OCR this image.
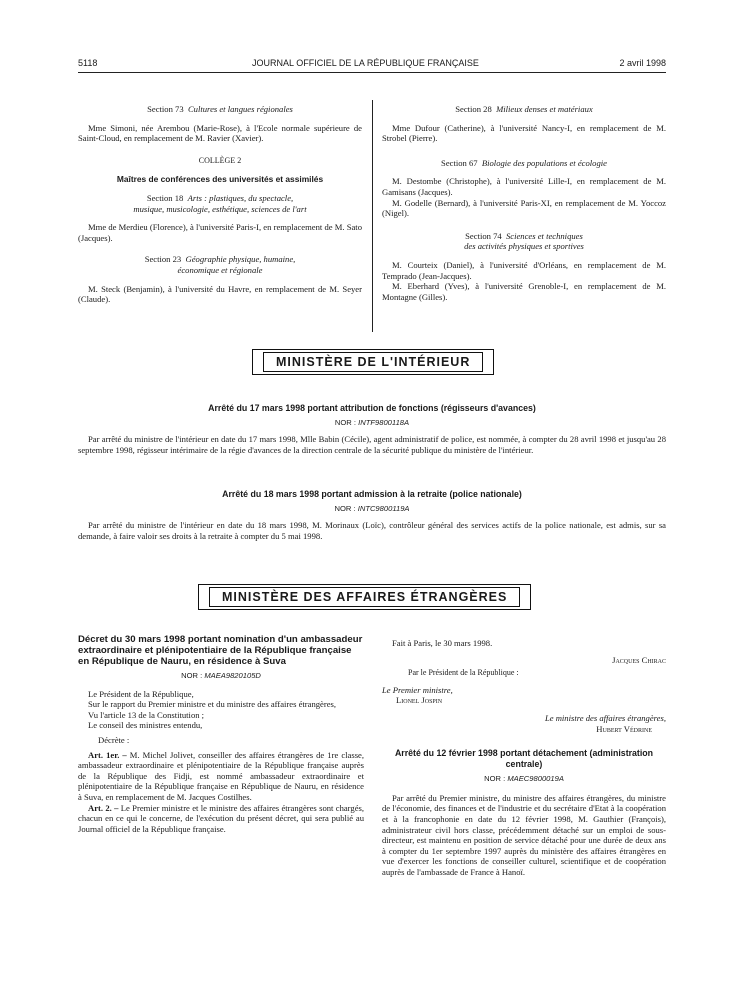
5118	JOURNAL OFFICIEL DE LA RÉPUBLIQUE FRANÇAISE	2 avril 1998

Section 73 Cultures et langues régionales

Mme Simoni, née Arembou (Marie-Rose), à l'Ecole normale supérieure de Saint-Cloud, en remplacement de M. Ravier (Xavier).

COLLÈGE 2

Maîtres de conférences des universités et assimilés

Section 18 Arts : plastiques, du spectacle,
musique, musicologie, esthétique, sciences de l'art

Mme de Merdieu (Florence), à l'université Paris-I, en remplacement de M. Sato (Jacques).

Section 23 Géographie physique, humaine,
économique et régionale

M. Steck (Benjamin), à l'université du Havre, en remplacement de M. Seyer (Claude).

Section 28 Milieux denses et matériaux

Mme Dufour (Catherine), à l'université Nancy-I, en remplacement de M. Strobel (Pierre).

Section 67 Biologie des populations et écologie

M. Destombe (Christophe), à l'université Lille-I, en remplacement de M. Gamisans (Jacques).

M. Godelle (Bernard), à l'université Paris-XI, en remplacement de M. Yoccoz (Nigel).

Section 74 Sciences et techniques
des activités physiques et sportives

M. Courteix (Daniel), à l'université d'Orléans, en remplacement de M. Temprado (Jean-Jacques).

M. Eberhard (Yves), à l'université Grenoble-I, en remplacement de M. Montagne (Gilles).

MINISTÈRE DE L'INTÉRIEUR
Arrêté du 17 mars 1998 portant attribution de fonctions (régisseurs d'avances)
NOR : INTF9800118A

Par arrêté du ministre de l'intérieur en date du 17 mars 1998, Mlle Babin (Cécile), agent administratif de police, est nommée, à compter du 28 avril 1998 et jusqu'au 28 septembre 1998, régisseur intérimaire de la régie d'avances de la direction centrale de la sécurité publique du ministère de l'intérieur.

Arrêté du 18 mars 1998 portant admission à la retraite (police nationale)
NOR : INTC9800119A

Par arrêté du ministre de l'intérieur en date du 18 mars 1998, M. Morinaux (Loïc), contrôleur général des services actifs de la police nationale, est admis, sur sa demande, à faire valoir ses droits à la retraite à compter du 5 mai 1998.

MINISTÈRE DES AFFAIRES ÉTRANGÈRES

Décret du 30 mars 1998 portant nomination d'un ambassadeur extraordinaire et plénipotentiaire de la République française en République de Nauru, en résidence à Suva

NOR : MAEA9820105D

Le Président de la République,

Sur le rapport du Premier ministre et du ministre des affaires étrangères,

Vu l'article 13 de la Constitution ;

Le conseil des ministres entendu,

Décrète :

Art. 1er. – M. Michel Jolivet, conseiller des affaires étrangères de 1re classe, ambassadeur extraordinaire et plénipotentiaire de la République française auprès de la République des Fidji, est nommé ambassadeur extraordinaire et plénipotentiaire de la République française en République de Nauru, en résidence à Suva, en remplacement de M. Jacques Costilhes.

Art. 2. – Le Premier ministre et le ministre des affaires étrangères sont chargés, chacun en ce qui le concerne, de l'exécution du présent décret, qui sera publié au Journal officiel de la République française.

Fait à Paris, le 30 mars 1998.

Jacques Chirac

Par le Président de la République :

Le Premier ministre,

Lionel Jospin

Le ministre des affaires étrangères,

Hubert Védrine

Arrêté du 12 février 1998 portant détachement (administration centrale)

NOR : MAEC9800019A

Par arrêté du Premier ministre, du ministre des affaires étrangères, du ministre de l'économie, des finances et de l'industrie et du secrétaire d'Etat à la coopération et à la francophonie en date du 12 février 1998, M. Gauthier (François), administrateur civil hors classe, précédemment détaché sur un emploi de sous-directeur, est maintenu en position de service détaché pour une durée de deux ans à compter du 1er septembre 1997 auprès du ministère des affaires étrangères en vue d'exercer les fonctions de conseiller culturel, scientifique et de coopération auprès de l'ambassade de France à Hanoï.
